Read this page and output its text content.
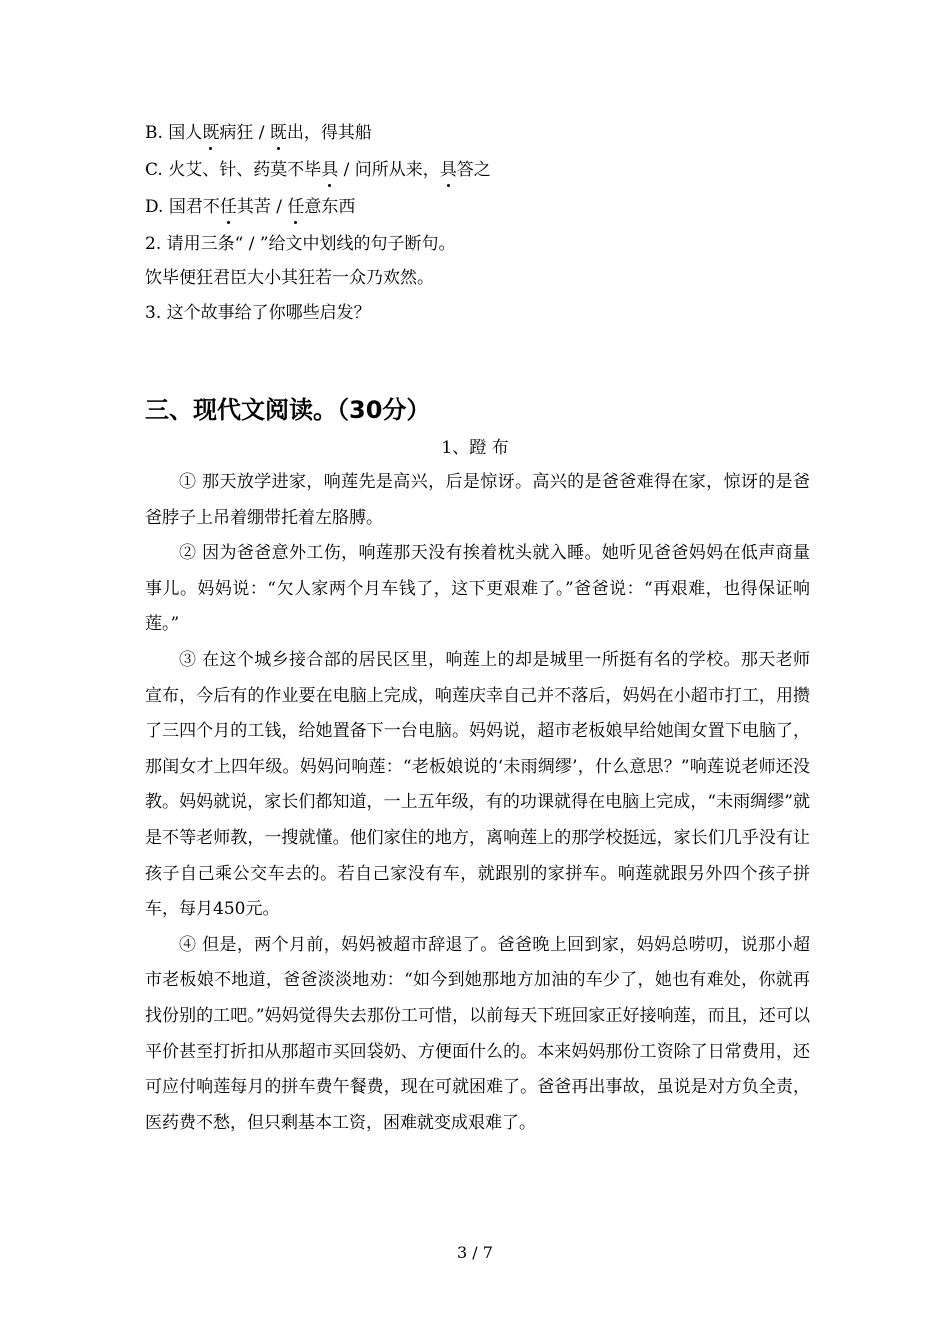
B. 国人既病狂 / 既出，得其船
C. 火艾、针、药莫不毕具 / 问所从来，具答之
D. 国君不任其苦 / 任意东西
2. 请用三条“ / ”给文中划线的句子断句。
饮毕便狂君臣大小其狂若一众乃欢然。
3. 这个故事给了你哪些启发？
三、现代文阅读。（30分）
1、蹬 布

① 那天放学进家，响莲先是高兴，后是惊讶。高兴的是爸爸难得在家，惊讶的是爸爸脖子上吊着绷带托着左胳膊。

② 因为爸爸意外工伤，响莲那天没有挨着枕头就入睡。她听见爸爸妈妈在低声商量事儿。妈妈说：“欠人家两个月车钱了，这下更艰难了。”爸爸说：“再艰难，也得保证响莲。”

③ 在这个城乡接合部的居民区里，响莲上的却是城里一所挺有名的学校。那天老师宣布，今后有的作业要在电脑上完成，响莲庆幸自己并不落后，妈妈在小超市打工，用攒了三四个月的工钱，给她置备下一台电脑。妈妈说，超市老板娘早给她闺女置下电脑了，那闺女才上四年级。妈妈问响莲：“老板娘说的‘未雨绸缪’，什么意思？”响莲说老师还没教。妈妈就说，家长们都知道，一上五年级，有的功课就得在电脑上完成，“未雨绸缪”就是不等老师教，一搜就懂。他们家住的地方，离响莲上的那学校挺远，家长们几乎没有让孩子自己乘公交车去的。若自己家没有车，就跟别的家拼车。响莲就跟另外四个孩子拼车，每月450元。

④ 但是，两个月前，妈妈被超市辞退了。爸爸晚上回到家，妈妈总唠叨，说那小超市老板娘不地道，爸爸淡淡地劝：“如今到她那地方加油的车少了，她也有难处，你就再找份别的工吧。”妈妈觉得失去那份工可惜，以前每天下班回家正好接响莲，而且，还可以平价甚至打折扣从那超市买回袋奶、方便面什么的。本来妈妈那份工资除了日常费用，还可应付响莲每月的拼车费午餐费，现在可就困难了。爸爸再出事故，虽说是对方负全责，医药费不愁，但只剩基本工资，困难就变成艰难了。

3 / 7
